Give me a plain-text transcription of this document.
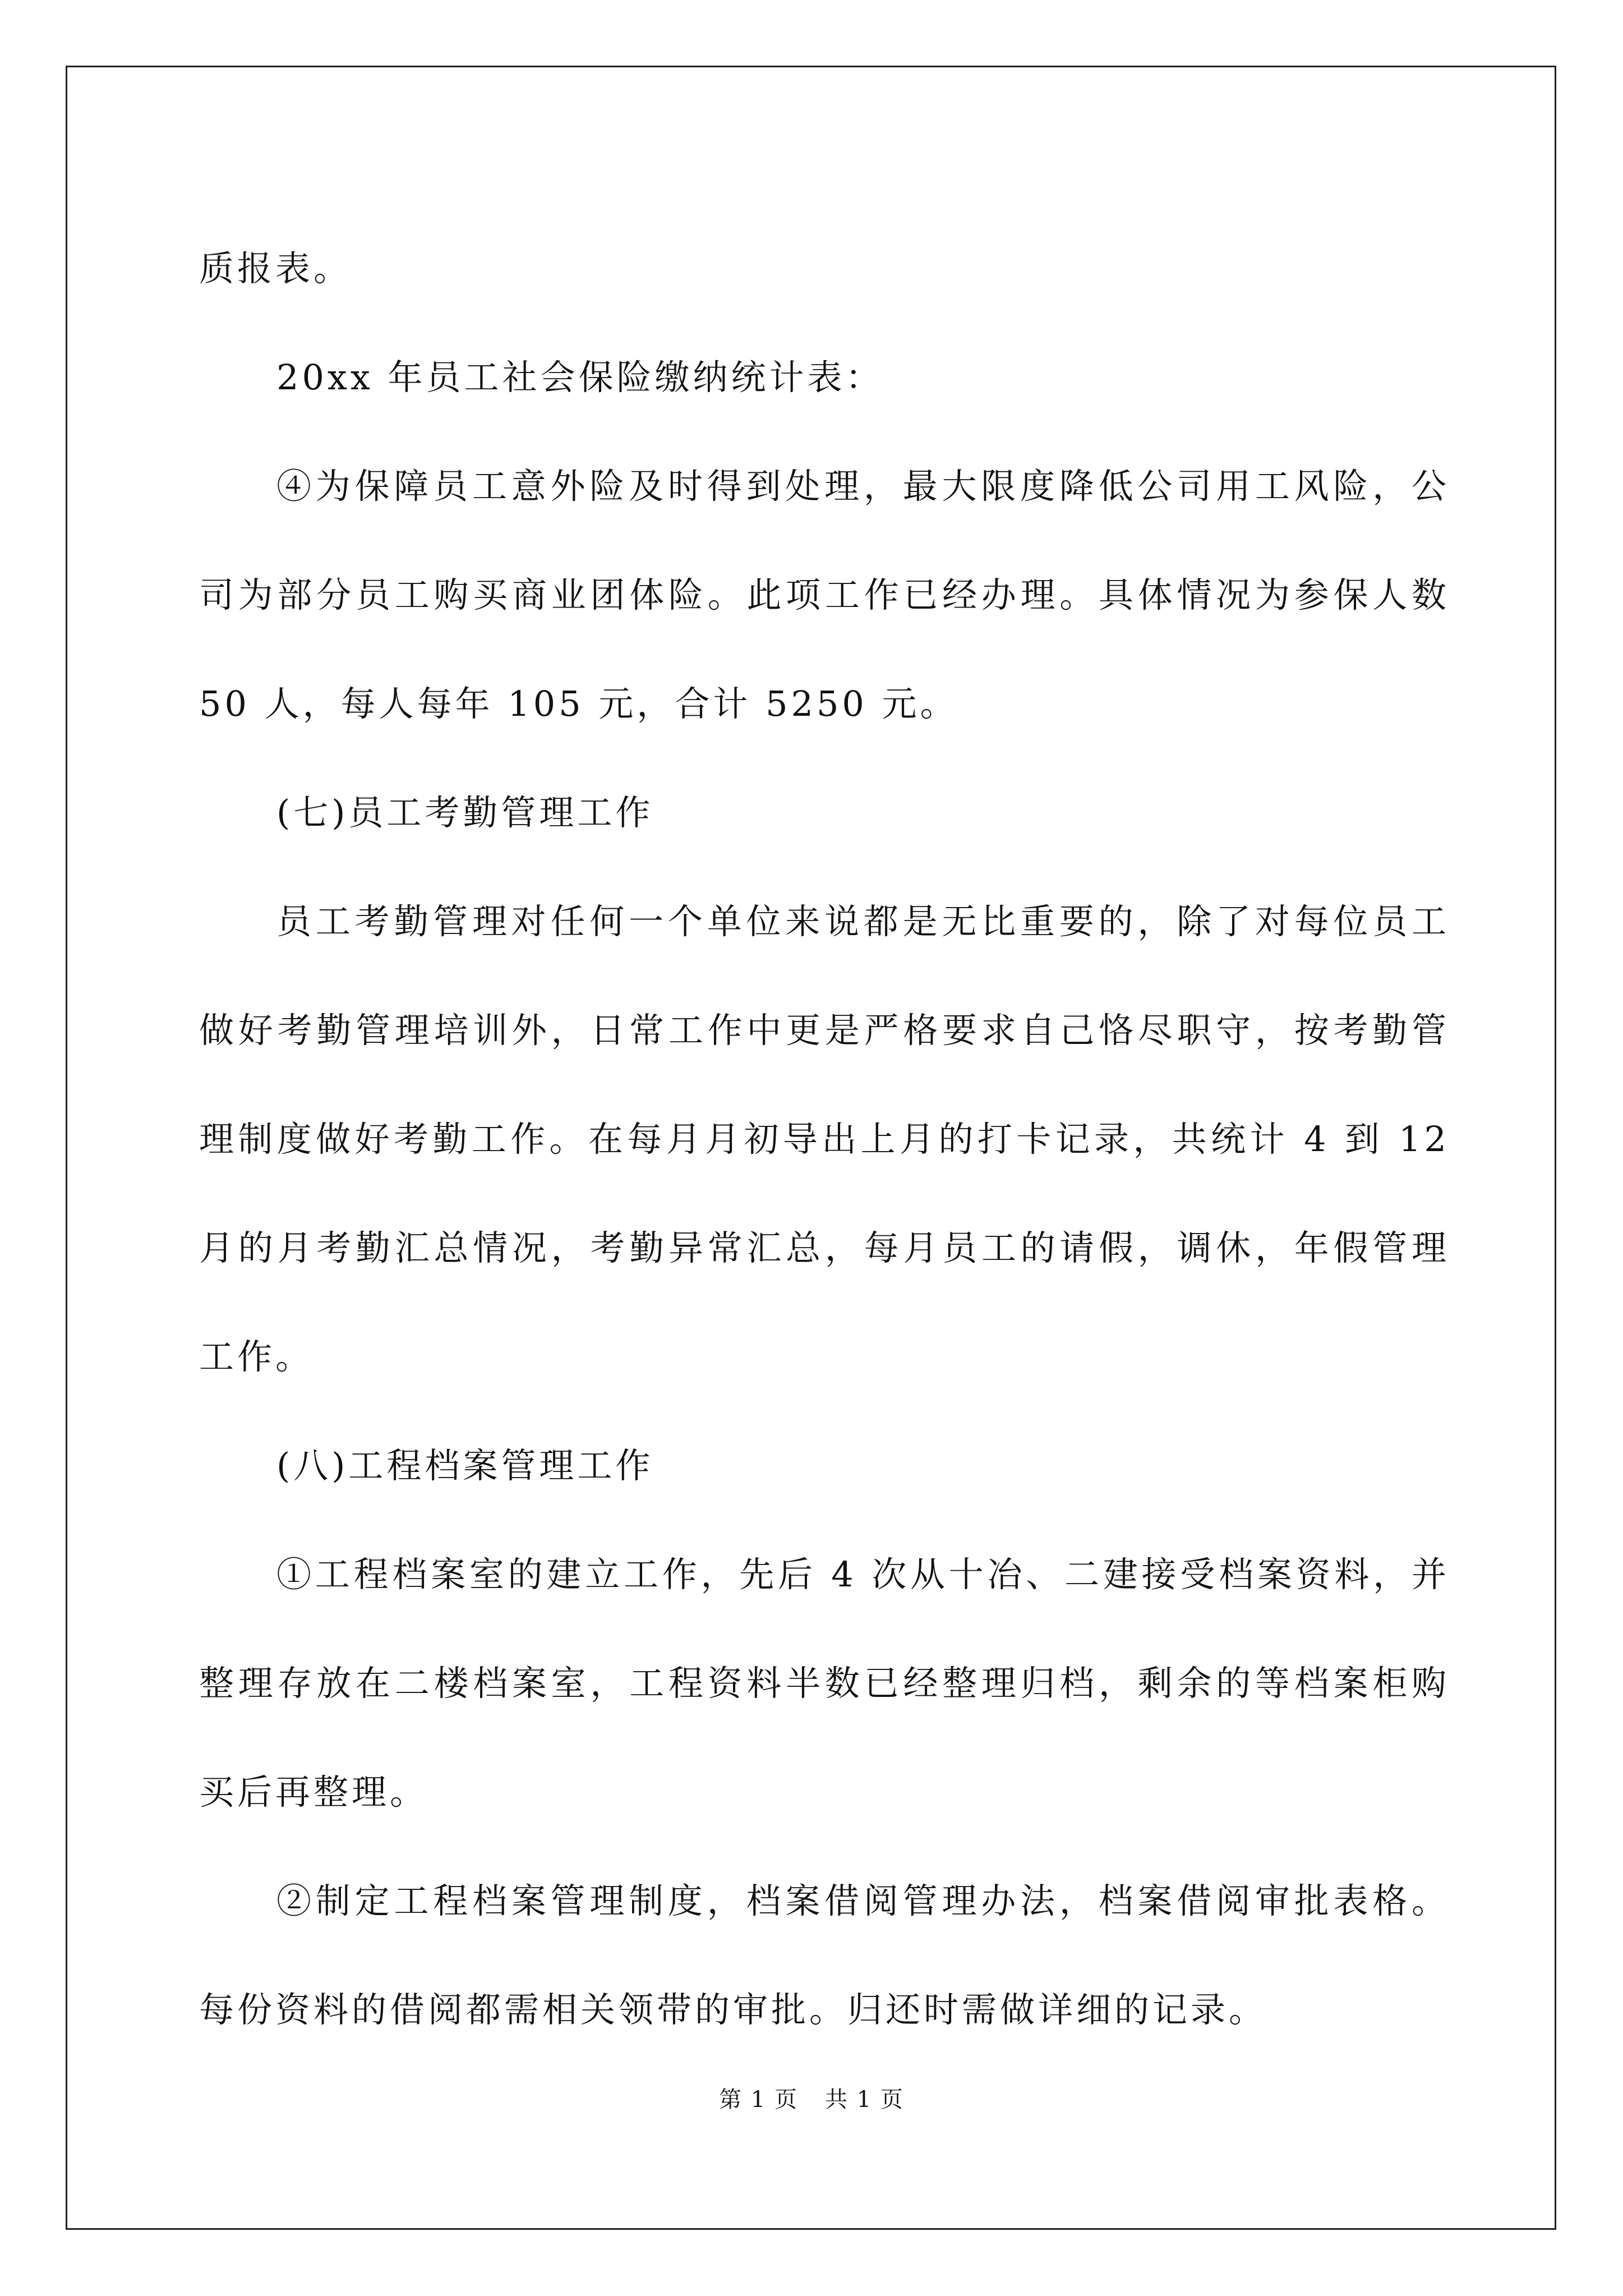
质报表。

20xx 年员工社会保险缴纳统计表：

④为保障员工意外险及时得到处理，最大限度降低公司用工风险，公司为部分员工购买商业团体险。此项工作已经办理。具体情况为参保人数 50 人，每人每年 105 元，合计 5250 元。

(七)员工考勤管理工作

员工考勤管理对任何一个单位来说都是无比重要的，除了对每位员工做好考勤管理培训外，日常工作中更是严格要求自己恪尽职守，按考勤管理制度做好考勤工作。在每月月初导出上月的打卡记录，共统计 4 到 12 月的月考勤汇总情况，考勤异常汇总，每月员工的请假，调休，年假管理工作。

(八)工程档案管理工作

①工程档案室的建立工作，先后 4 次从十冶、二建接受档案资料，并整理存放在二楼档案室，工程资料半数已经整理归档，剩余的等档案柜购买后再整理。

②制定工程档案管理制度，档案借阅管理办法，档案借阅审批表格。每份资料的借阅都需相关领带的审批。归还时需做详细的记录。

第 1 页 共 1 页
